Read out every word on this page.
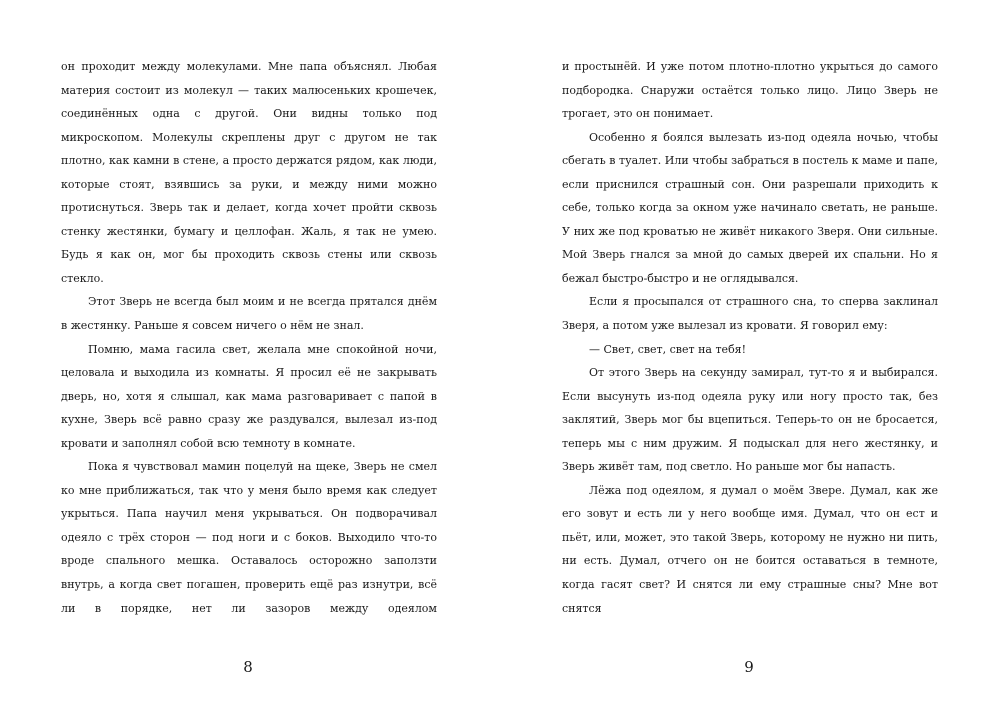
он проходит между молекулами. Мне папа объяснял. Любая материя состоит из молекул — таких малюсеньких крошечек, соединённых одна с другой. Они видны только под микроскопом. Молекулы скреплены друг с другом не так плотно, как камни в стене, а просто держатся рядом, как люди, которые стоят, взявшись за руки, и между ними можно протиснуться. Зверь так и делает, когда хочет пройти сквозь стенку жестянки, бумагу и целлофан. Жаль, я так не умею. Будь я как он, мог бы проходить сквозь стены или сквозь стекло.

Этот Зверь не всегда был моим и не всегда прятался днём в жестянку. Раньше я совсем ничего о нём не знал.

Помню, мама гасила свет, желала мне спокойной ночи, целовала и выходила из комнаты. Я просил её не закрывать дверь, но, хотя я слышал, как мама разговаривает с папой в кухне, Зверь всё равно сразу же раздувался, вылезал из-под кровати и заполнял собой всю темноту в комнате.

Пока я чувствовал мамин поцелуй на щеке, Зверь не смел ко мне приближаться, так что у меня было время как следует укрыться. Папа научил меня укрываться. Он подворачивал одеяло с трёх сторон — под ноги и с боков. Выходило что-то вроде спального мешка. Оставалось осторожно заползти внутрь, а когда свет погашен, проверить ещё раз изнутри, всё ли в порядке, нет ли зазоров между одеялом

8

и простынёй. И уже потом плотно-плотно укрыться до самого подбородка. Снаружи остаётся только лицо. Лицо Зверь не трогает, это он понимает.

Особенно я боялся вылезать из-под одеяла ночью, чтобы сбегать в туалет. Или чтобы забраться в постель к маме и папе, если приснился страшный сон. Они разрешали приходить к себе, только когда за окном уже начинало светать, не раньше. У них же под кроватью не живёт никакого Зверя. Они сильные. Мой Зверь гнался за мной до самых дверей их спальни. Но я бежал быстро-быстро и не оглядывался.

Если я просыпался от страшного сна, то сперва заклинал Зверя, а потом уже вылезал из кровати. Я говорил ему:

— Свет, свет, свет на тебя!

От этого Зверь на секунду замирал, тут-то я и выбирался. Если высунуть из-под одеяла руку или ногу просто так, без заклятий, Зверь мог бы вцепиться. Теперь-то он не бросается, теперь мы с ним дружим. Я подыскал для него жестянку, и Зверь живёт там, под светло. Но раньше мог бы напасть.

Лёжа под одеялом, я думал о моём Звере. Думал, как же его зовут и есть ли у него вообще имя. Думал, что он ест и пьёт, или, может, это такой Зверь, которому не нужно ни пить, ни есть. Думал, отчего он не боится оставаться в темноте, когда гасят свет? И снятся ли ему страшные сны? Мне вот снятся

9
